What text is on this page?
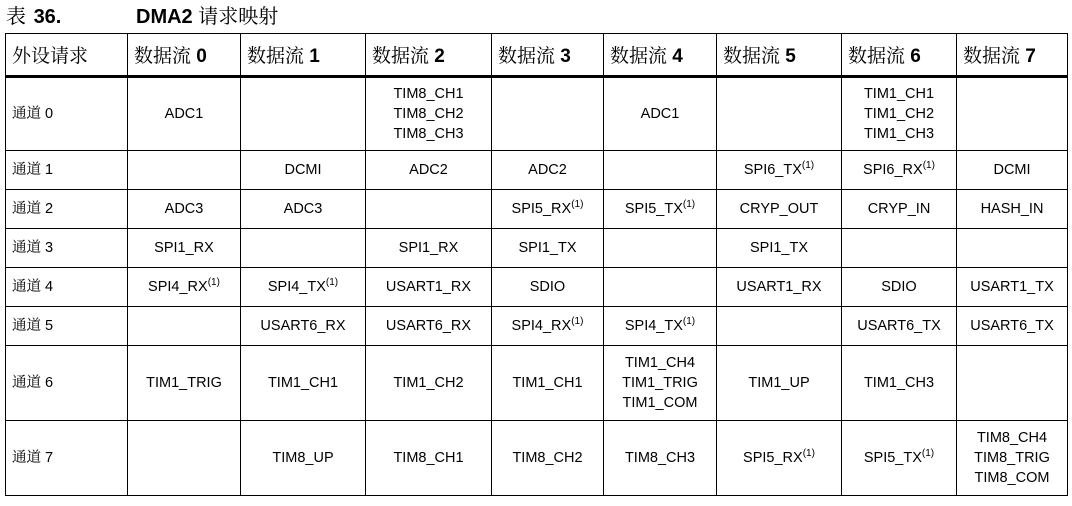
表 36.	DMA2 请求映射
外设请求	数据流 0	数据流 1	数据流 2	数据流 3	数据流 4	数据流 5	数据流 6	数据流 7
通道 0	ADC1		TIM8_CH1
TIM8_CH2
TIM8_CH3		ADC1		TIM1_CH1
TIM1_CH2
TIM1_CH3	

通道 1		DCMI	ADC2	ADC2		SPI6_TX$^{(1)}$	SPI6_RX$^{(1)}$	DCMI

通道 2	ADC3	ADC3		SPI5_RX$^{(1)}$	SPI5_TX$^{(1)}$	CRYP_OUT	CRYP_IN	HASH_IN

通道 3	SPI1_RX		SPI1_RX	SPI1_TX		SPI1_TX		

通道 4	SPI4_RX$^{(1)}$	SPI4_TX$^{(1)}$	USART1_RX	SDIO		USART1_RX	SDIO	USART1_TX

通道 5		USART6_RX	USART6_RX	SPI4_RX$^{(1)}$	SPI4_TX$^{(1)}$		USART6_TX	USART6_TX

通道 6	TIM1_TRIG	TIM1_CH1	TIM1_CH2	TIM1_CH1	TIM1_CH4
TIM1_TRIG
TIM1_COM	TIM1_UP	TIM1_CH3	

通道 7		TIM8_UP	TIM8_CH1	TIM8_CH2	TIM8_CH3	SPI5_RX$^{(1)}$	SPI5_TX$^{(1)}$	TIM8_CH4
TIM8_TRIG
TIM8_COM
